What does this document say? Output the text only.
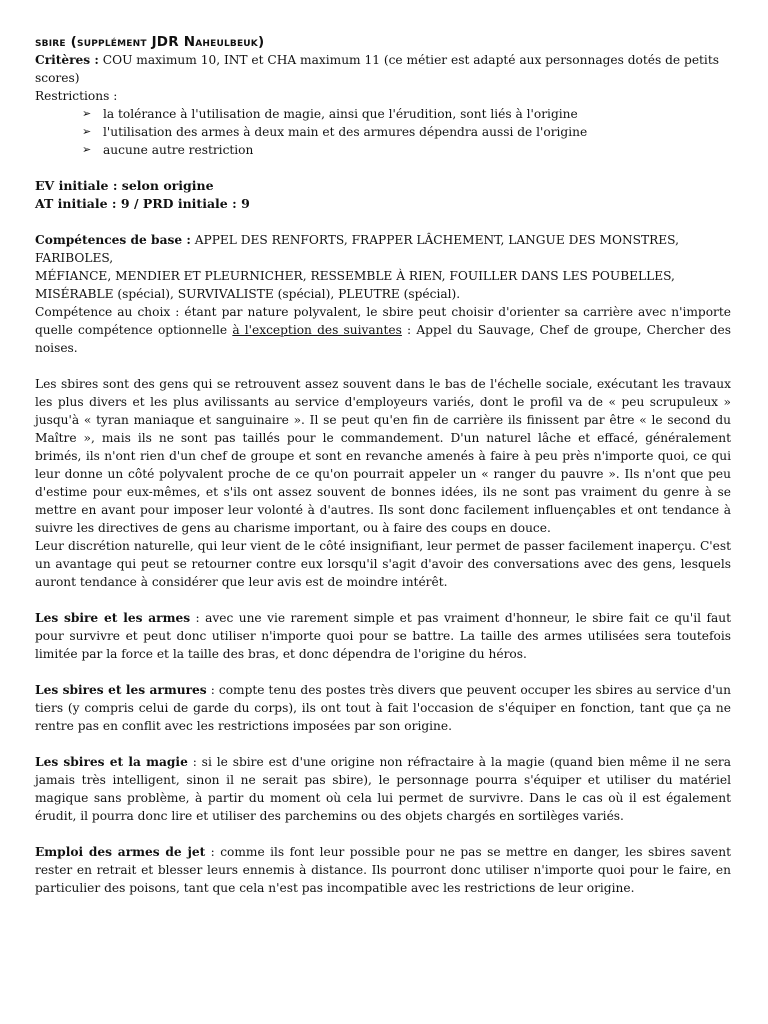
sbire (supplément JDR Naheulbeuk)

Critères : COU maximum 10, INT et CHA maximum 11 (ce métier est adapté aux personnages dotés de petits scores)

Restrictions :

➢ la tolérance à l'utilisation de magie, ainsi que l'érudition, sont liés à l'origine
➢ l'utilisation des armes à deux main et des armures dépendra aussi de l'origine
➢ aucune autre restriction

EV initiale : selon origine

AT initiale : 9 / PRD initiale : 9

Compétences de base : APPEL DES RENFORTS, FRAPPER LÂCHEMENT, LANGUE DES MONSTRES, FARIBOLES,

MÉFIANCE, MENDIER ET PLEURNICHER, RESSEMBLE À RIEN, FOUILLER DANS LES POUBELLES,

MISÉRABLE (spécial), SURVIVALISTE (spécial), PLEUTRE (spécial).

Compétence au choix : étant par nature polyvalent, le sbire peut choisir d'orienter sa carrière avec n'importe quelle compétence optionnelle à l'exception des suivantes : Appel du Sauvage, Chef de groupe, Chercher des noises.

Les sbires sont des gens qui se retrouvent assez souvent dans le bas de l'échelle sociale, exécutant les travaux les plus divers et les plus avilissants au service d'employeurs variés, dont le profil va de « peu scrupuleux » jusqu'à « tyran maniaque et sanguinaire ». Il se peut qu'en fin de carrière ils finissent par être « le second du Maître », mais ils ne sont pas taillés pour le commandement. D'un naturel lâche et effacé, généralement brimés, ils n'ont rien d'un chef de groupe et sont en revanche amenés à faire à peu près n'importe quoi, ce qui leur donne un côté polyvalent proche de ce qu'on pourrait appeler un « ranger du pauvre ». Ils n'ont que peu d'estime pour eux-mêmes, et s'ils ont assez souvent de bonnes idées, ils ne sont pas vraiment du genre à se mettre en avant pour imposer leur volonté à d'autres. Ils sont donc facilement influençables et ont tendance à suivre les directives de gens au charisme important, ou à faire des coups en douce.

Leur discrétion naturelle, qui leur vient de le côté insignifiant, leur permet de passer facilement inaperçu. C'est un avantage qui peut se retourner contre eux lorsqu'il s'agit d'avoir des conversations avec des gens, lesquels auront tendance à considérer que leur avis est de moindre intérêt.

Les sbire et les armes : avec une vie rarement simple et pas vraiment d'honneur, le sbire fait ce qu'il faut pour survivre et peut donc utiliser n'importe quoi pour se battre. La taille des armes utilisées sera toutefois limitée par la force et la taille des bras, et donc dépendra de l'origine du héros.

Les sbires et les armures : compte tenu des postes très divers que peuvent occuper les sbires au service d'un tiers (y compris celui de garde du corps), ils ont tout à fait l'occasion de s'équiper en fonction, tant que ça ne rentre pas en conflit avec les restrictions imposées par son origine.

Les sbires et la magie : si le sbire est d'une origine non réfractaire à la magie (quand bien même il ne sera jamais très intelligent, sinon il ne serait pas sbire), le personnage pourra s'équiper et utiliser du matériel magique sans problème, à partir du moment où cela lui permet de survivre. Dans le cas où il est également érudit, il pourra donc lire et utiliser des parchemins ou des objets chargés en sortilèges variés.

Emploi des armes de jet : comme ils font leur possible pour ne pas se mettre en danger, les sbires savent rester en retrait et blesser leurs ennemis à distance. Ils pourront donc utiliser n'importe quoi pour le faire, en particulier des poisons, tant que cela n'est pas incompatible avec les restrictions de leur origine.
